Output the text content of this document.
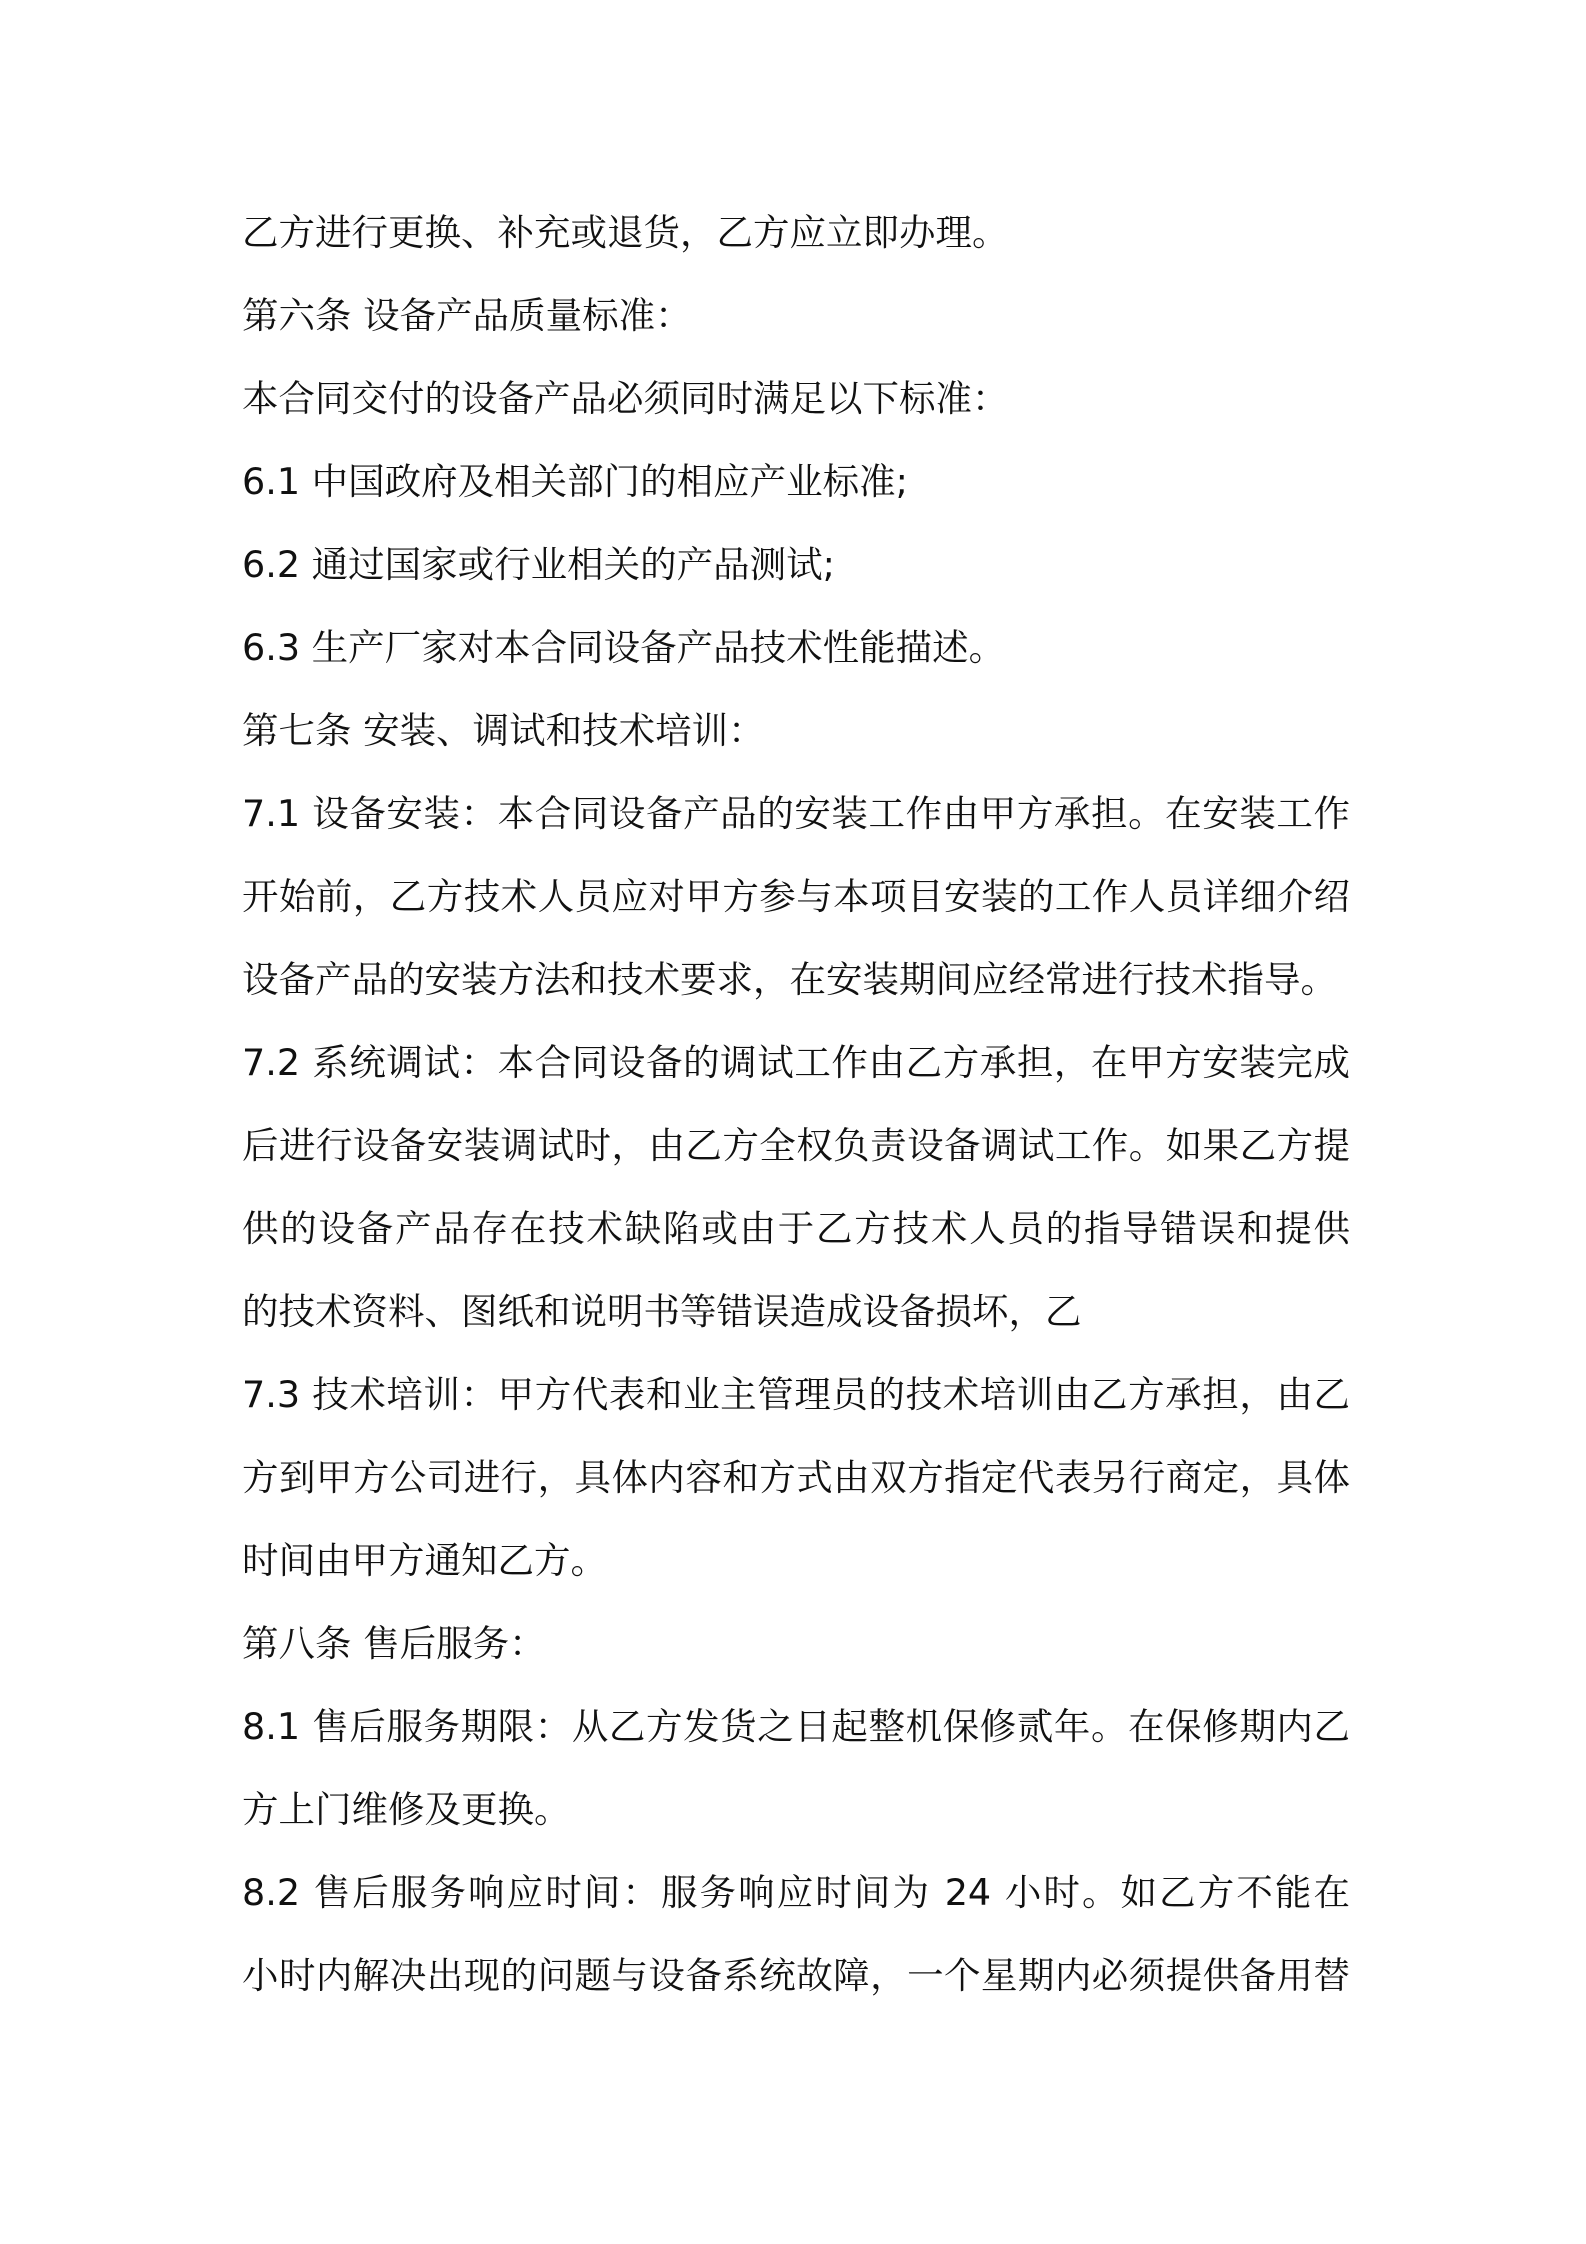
乙方进行更换、补充或退货，乙方应立即办理。
第六条 设备产品质量标准：
本合同交付的设备产品必须同时满足以下标准：
6.1 中国政府及相关部门的相应产业标准;
6.2 通过国家或行业相关的产品测试;
6.3 生产厂家对本合同设备产品技术性能描述。
第七条 安装、调试和技术培训：
7.1 设备安装：本合同设备产品的安装工作由甲方承担。在安装工作
开始前，乙方技术人员应对甲方参与本项目安装的工作人员详细介绍
设备产品的安装方法和技术要求，在安装期间应经常进行技术指导。
7.2 系统调试：本合同设备的调试工作由乙方承担，在甲方安装完成
后进行设备安装调试时，由乙方全权负责设备调试工作。如果乙方提
供的设备产品存在技术缺陷或由于乙方技术人员的指导错误和提供
的技术资料、图纸和说明书等错误造成设备损坏，乙
7.3 技术培训：甲方代表和业主管理员的技术培训由乙方承担，由乙
方到甲方公司进行，具体内容和方式由双方指定代表另行商定，具体
时间由甲方通知乙方。
第八条 售后服务：
8.1 售后服务期限：从乙方发货之日起整机保修贰年。在保修期内乙
方上门维修及更换。
8.2 售后服务响应时间：服务响应时间为 24 小时。如乙方不能在
小时内解决出现的问题与设备系统故障，一个星期内必须提供备用替
